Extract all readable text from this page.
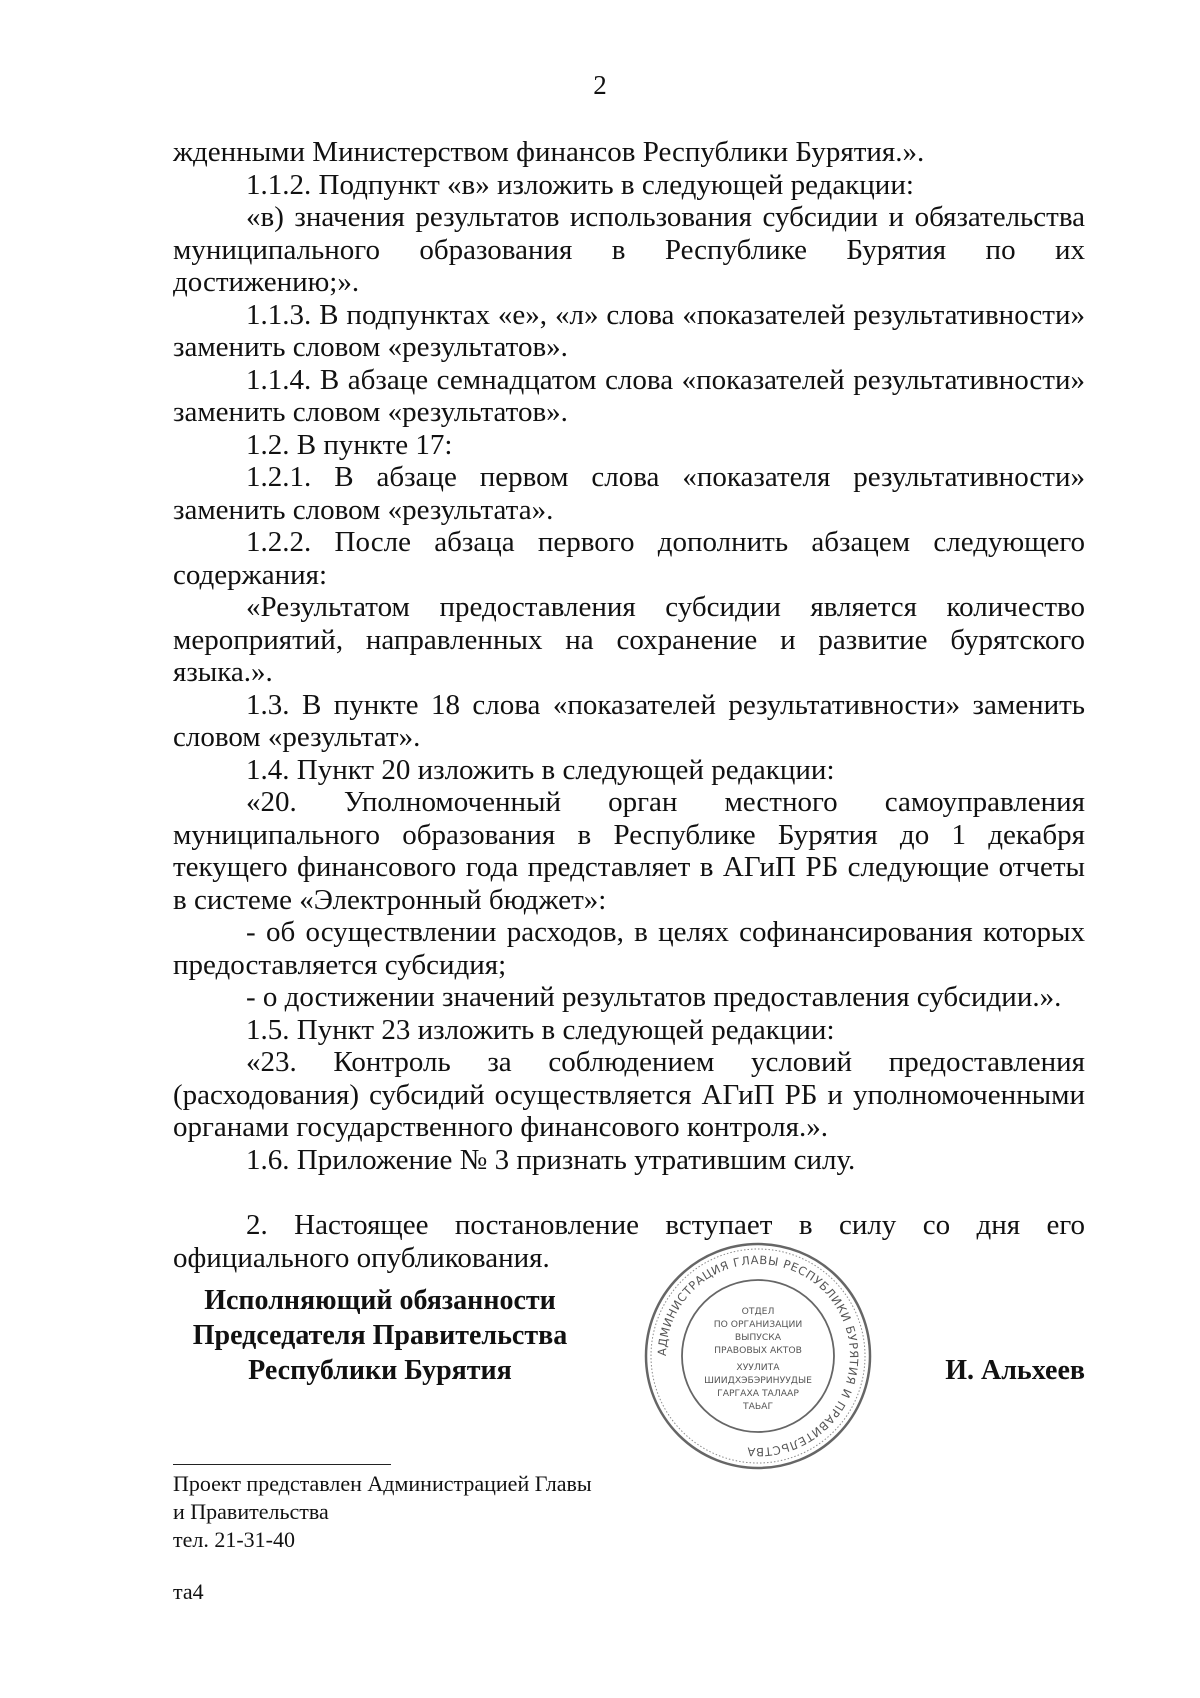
2

жденными Министерством финансов Республики Бурятия.».

1.1.2. Подпункт «в» изложить в следующей редакции:

«в) значения результатов использования субсидии и обязательства муниципального образования в Республике Бурятия по их достижению;».

1.1.3. В подпунктах «е», «л» слова «показателей результативности» заменить словом «результатов».

1.1.4. В абзаце семнадцатом слова «показателей результативности» заменить словом «результатов».

1.2. В пункте 17:

1.2.1. В абзаце первом слова «показателя результативности» заменить словом «результата».

1.2.2. После абзаца первого дополнить абзацем следующего содержания:

«Результатом предоставления субсидии является количество мероприятий, направленных на сохранение и развитие бурятского языка.».

1.3. В пункте 18 слова «показателей результативности» заменить словом «результат».

1.4. Пункт 20 изложить в следующей редакции:

«20. Уполномоченный орган местного самоуправления муниципального образования в Республике Бурятия до 1 декабря текущего финансового года представляет в АГиП РБ следующие отчеты в системе «Электронный бюджет»:

- об осуществлении расходов, в целях софинансирования которых предоставляется субсидия;

- о достижении значений результатов предоставления субсидии.».

1.5. Пункт 23 изложить в следующей редакции:

«23. Контроль за соблюдением условий предоставления (расходования) субсидий осуществляется АГиП РБ и уполномоченными органами государственного финансового контроля.».

1.6. Приложение № 3 признать утратившим силу.

2. Настоящее постановление вступает в силу со дня его официального опубликования.

Исполняющий обязанности
Председателя Правительства
Республики Бурятия
АДМИНИСТРАЦИЯ ГЛАВЫ РЕСПУБЛИКИ БУРЯТИЯ И ПРАВИТЕЛЬСТВА
ОТДЕЛ
ПО ОРГАНИЗАЦИИ
ВЫПУСКА
ПРАВОВЫХ АКТОВ
ХУУЛИТА
ШИИДХЭБЭРИНУУДЫЕ
ГАРГАХА ТАЛААР
ТАЬАГ
И. Альхеев
Проект представлен Администрацией Главы
и Правительства
тел. 21-31-40
та4
